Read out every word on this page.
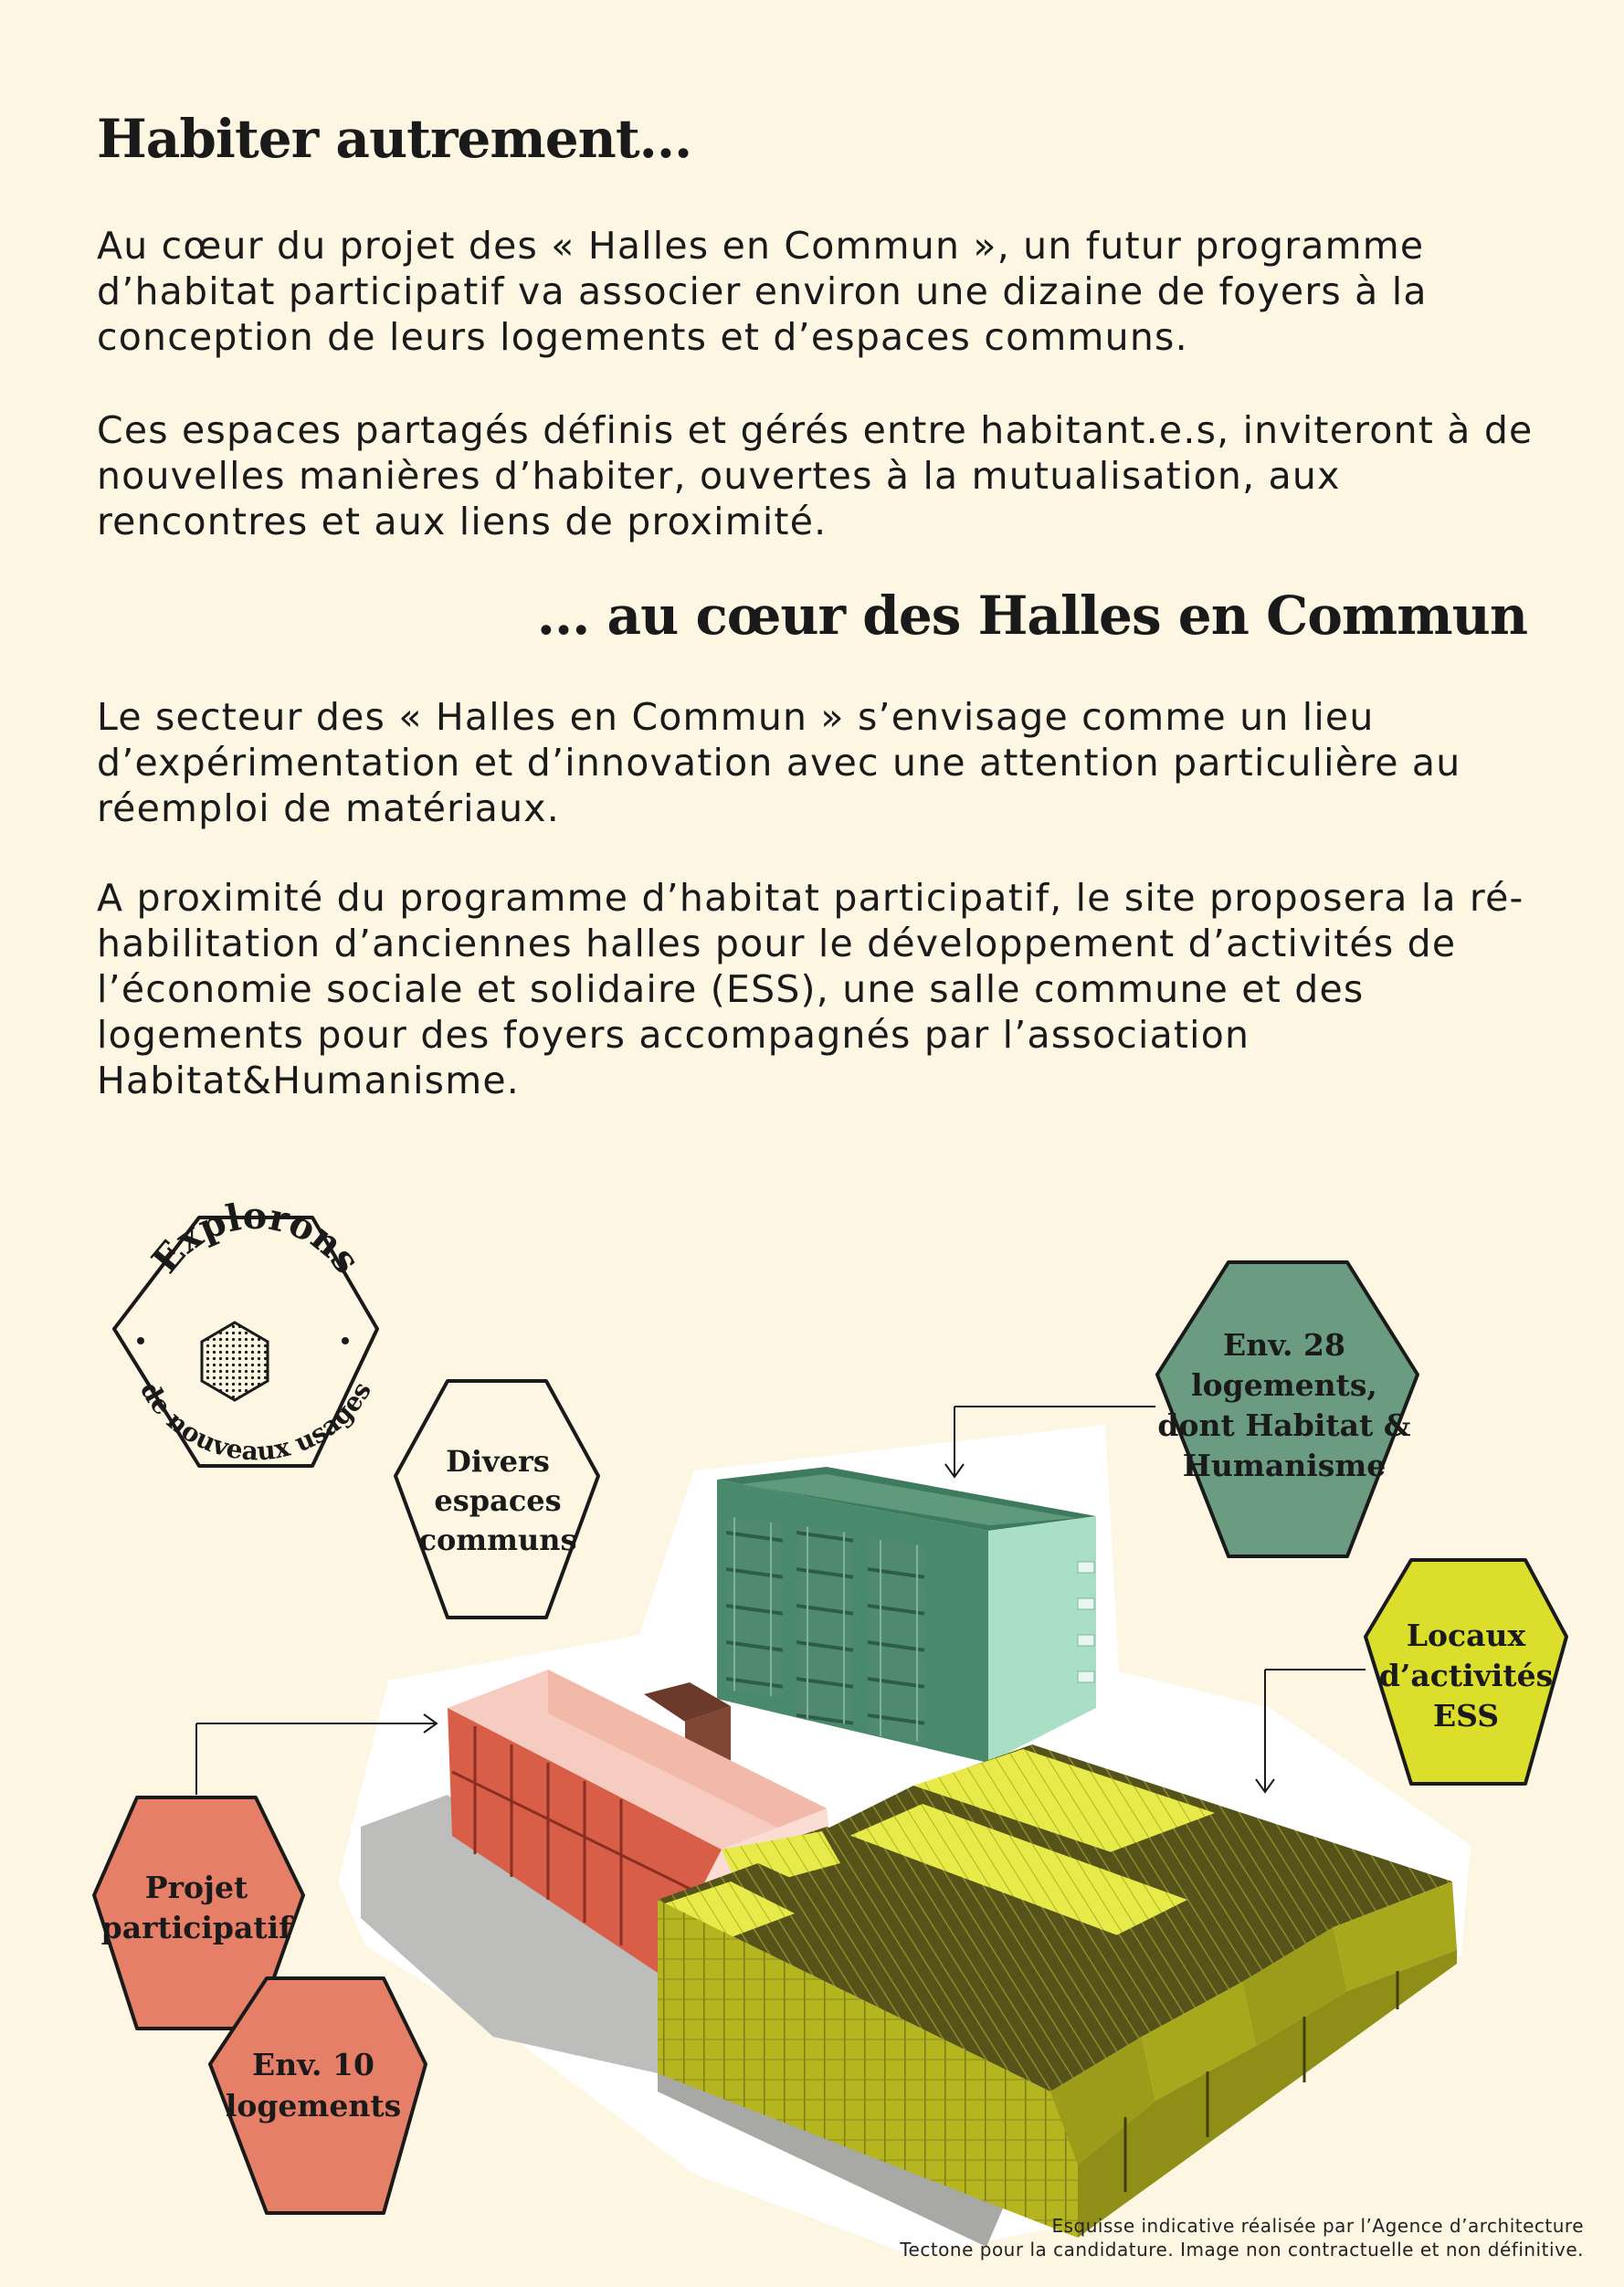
Habiter autrement...

Au cœur du projet des « Halles en Commun », un futur programme d’habitat participatif va associer environ une dizaine de foyers à la conception de leurs logements et d’espaces communs.

Ces espaces partagés définis et gérés entre habitant.e.s, inviteront à de nouvelles manières d’habiter, ouvertes à la mutualisation, aux rencontres et aux liens de proximité.

... au cœur des Halles en Commun

Le secteur des « Halles en Commun » s’envisage comme un lieu d’expérimentation et d’innovation avec une attention particulière au réemploi de matériaux.

A proximité du programme d’habitat participatif, le site proposera la ré-habilitation d’anciennes halles pour le développement d’activités de l’économie sociale et solidaire (ESS), une salle commune et des logements pour des foyers accompagnés par l’association Habitat&Humanisme.

Explorons
de nouveaux usages
Divers
espaces
communs
Env. 28
logements,
dont Habitat &
Humanisme
Locaux
d’activités
ESS
Projet
participatif
Env. 10
logements
Esquisse indicative réalisée par l’Agence d’architecture
Tectone pour la candidature. Image non contractuelle et non définitive.
